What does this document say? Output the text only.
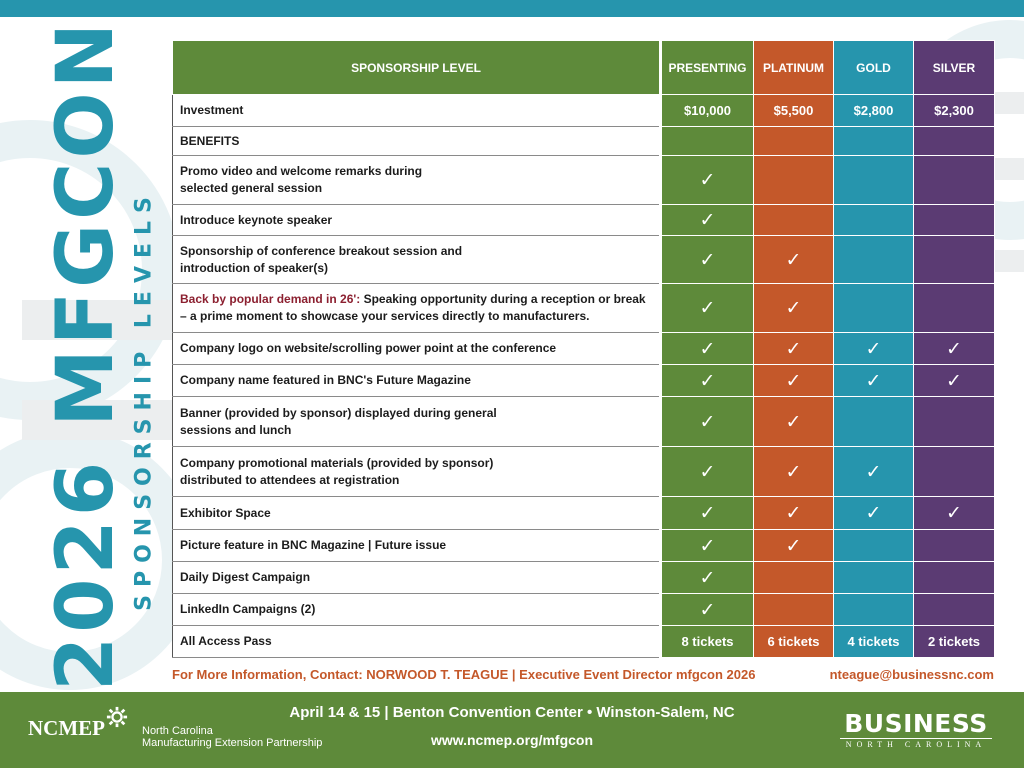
2026 MFGCON SPONSORSHIP LEVELS
SPONSORSHIP LEVEL	PRESENTING	PLATINUM	GOLD	SILVER
Investment	$10,000	$5,500	$2,800	$2,300
BENEFITS				
Promo video and welcome remarks during
selected general session	✓			
Introduce keynote speaker	✓			
Sponsorship of conference breakout session and
introduction of speaker(s)	✓	✓		
Back by popular demand in 26': Speaking opportunity during a reception or break
– a prime moment to showcase your services directly to manufacturers.	✓	✓		
Company logo on website/scrolling power point at the conference	✓	✓	✓	✓
Company name featured in BNC's Future Magazine	✓	✓	✓	✓
Banner (provided by sponsor) displayed during general
sessions and lunch	✓	✓		
Company promotional materials (provided by sponsor)
distributed to attendees at registration	✓	✓	✓	
Exhibitor Space	✓	✓	✓	✓
Picture feature in BNC Magazine | Future issue	✓	✓		
Daily Digest Campaign	✓			
LinkedIn Campaigns (2)	✓			
All Access Pass	8 tickets	6 tickets	4 tickets	2 tickets
For More Information, Contact: NORWOOD T. TEAGUE | Executive Event Director mfgcon 2026	nteague@businessnc.com
NCMEP	North Carolina
Manufacturing Extension Partnership
April 14 & 15 | Benton Convention Center • Winston-Salem, NC
www.ncmep.org/mfgcon
BUSINESS
NORTH CAROLINA
